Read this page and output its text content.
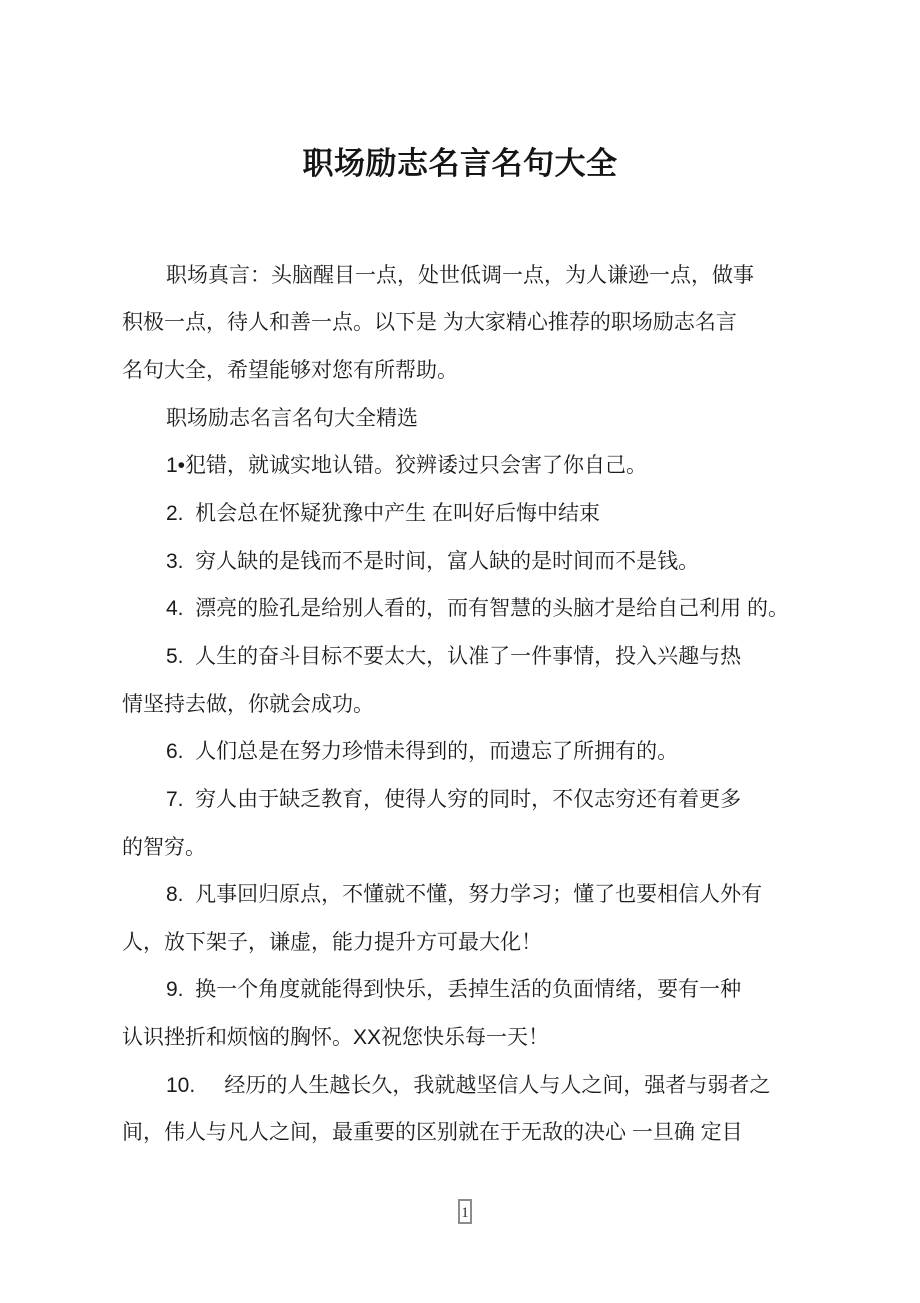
职场励志名言名句大全
职场真言：头脑醒目一点，处世低调一点，为人谦逊一点，做事
积极一点，待人和善一点。以下是 为大家精心推荐的职场励志名言
名句大全，希望能够对您有所帮助。
职场励志名言名句大全精选
1•犯错，就诚实地认错。狡辨诿过只会害了你自己。
2.  机会总在怀疑犹豫中产生 在叫好后悔中结束
3.  穷人缺的是钱而不是时间，富人缺的是时间而不是钱。
4.  漂亮的脸孔是给别人看的，而有智慧的头脑才是给自己利用 的。
5.  人生的奋斗目标不要太大，认准了一件事情，投入兴趣与热
情坚持去做，你就会成功。
6.  人们总是在努力珍惜未得到的，而遗忘了所拥有的。
7.  穷人由于缺乏教育，使得人穷的同时，不仅志穷还有着更多
的智穷。
8.  凡事回归原点，不懂就不懂，努力学习；懂了也要相信人外有
人，放下架子，谦虚，能力提升方可最大化！
9.  换一个角度就能得到快乐，丢掉生活的负面情绪，要有一种
认识挫折和烦恼的胸怀。XX祝您快乐每一天！
10.     经历的人生越长久，我就越坚信人与人之间，强者与弱者之
间，伟人与凡人之间，最重要的区别就在于无敌的决心 一旦确 定目
1
